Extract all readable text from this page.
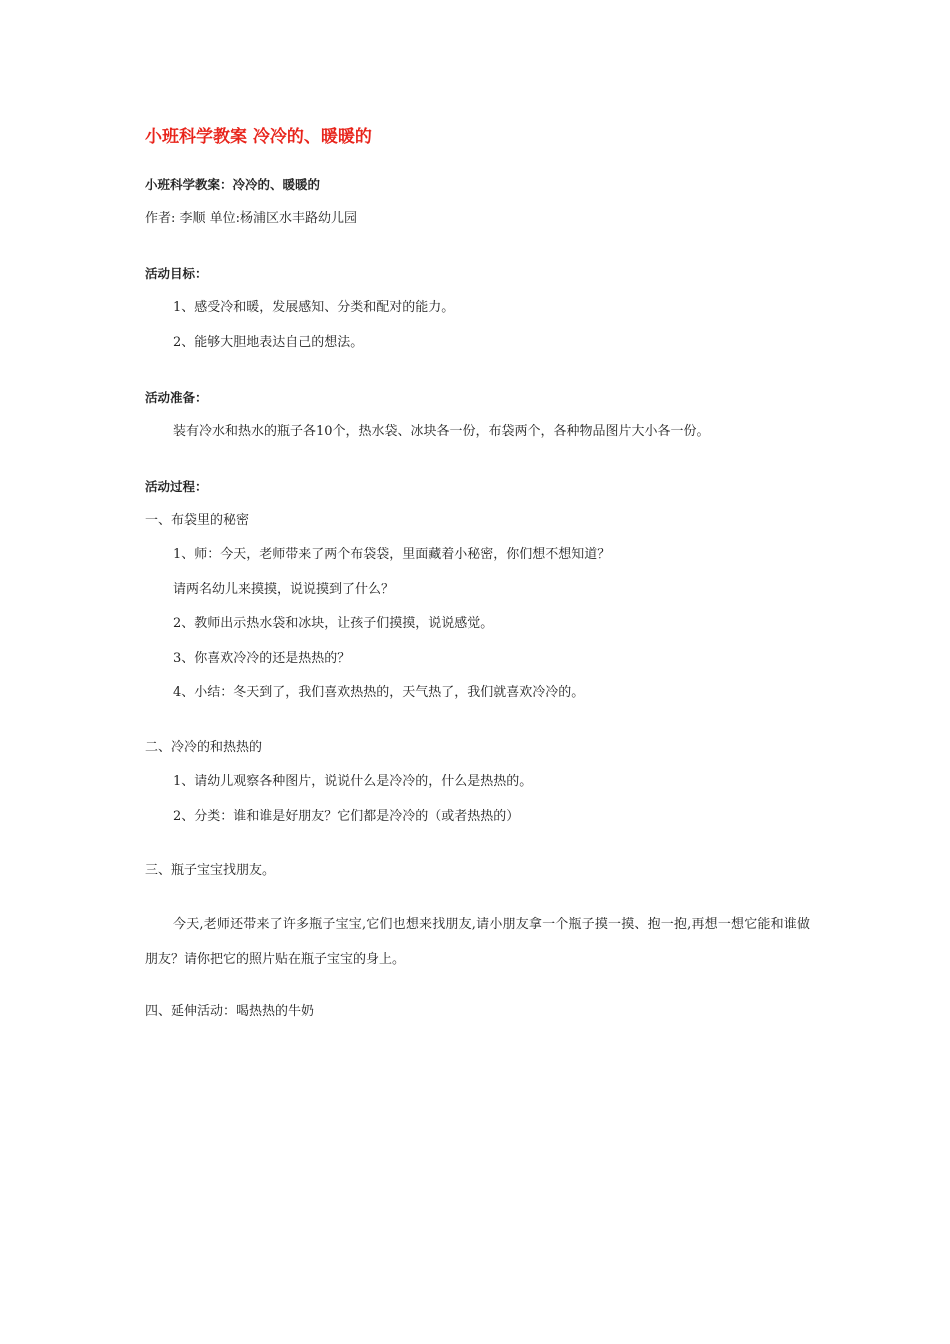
小班科学教案 冷冷的、暖暖的
小班科学教案：冷冷的、暖暖的
作者: 李顺 单位:杨浦区水丰路幼儿园
活动目标：
1、感受冷和暖，发展感知、分类和配对的能力。
2、能够大胆地表达自己的想法。
活动准备：
装有冷水和热水的瓶子各10个，热水袋、冰块各一份，布袋两个，各种物品图片大小各一份。
活动过程：
一、布袋里的秘密
1、师：今天，老师带来了两个布袋袋，里面藏着小秘密，你们想不想知道？
请两名幼儿来摸摸，说说摸到了什么？
2、教师出示热水袋和冰块，让孩子们摸摸，说说感觉。
3、你喜欢冷冷的还是热热的？
4、小结：冬天到了，我们喜欢热热的，天气热了，我们就喜欢冷冷的。
二、冷冷的和热热的
1、请幼儿观察各种图片，说说什么是冷冷的，什么是热热的。
2、分类：谁和谁是好朋友？它们都是冷冷的（或者热热的）
三、瓶子宝宝找朋友。
今天,老师还带来了许多瓶子宝宝,它们也想来找朋友,请小朋友拿一个瓶子摸一摸、抱一抱,再想一想它能和谁做朋友？请你把它的照片贴在瓶子宝宝的身上。
四、延伸活动：喝热热的牛奶
